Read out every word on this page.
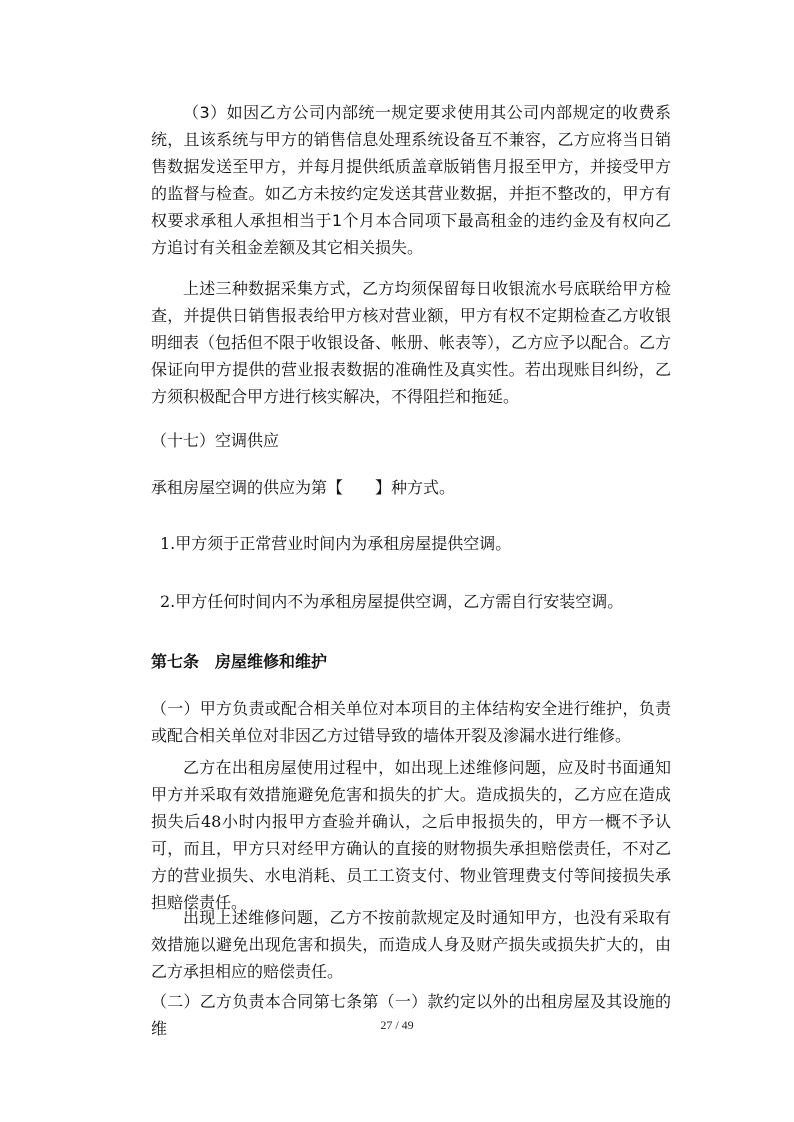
（3）如因乙方公司内部统一规定要求使用其公司内部规定的收费系统，且该系统与甲方的销售信息处理系统设备互不兼容，乙方应将当日销售数据发送至甲方，并每月提供纸质盖章版销售月报至甲方，并接受甲方的监督与检查。如乙方未按约定发送其营业数据，并拒不整改的，甲方有权要求承租人承担相当于1个月本合同项下最高租金的违约金及有权向乙方追讨有关租金差额及其它相关损失。

上述三种数据采集方式，乙方均须保留每日收银流水号底联给甲方检查，并提供日销售报表给甲方核对营业额，甲方有权不定期检查乙方收银明细表（包括但不限于收银设备、帐册、帐表等），乙方应予以配合。乙方保证向甲方提供的营业报表数据的准确性及真实性。若出现账目纠纷，乙方须积极配合甲方进行核实解决，不得阻拦和拖延。

（十七）空调供应

承租房屋空调的供应为第【　　】种方式。

1.甲方须于正常营业时间内为承租房屋提供空调。

2.甲方任何时间内不为承租房屋提供空调，乙方需自行安装空调。

第七条　房屋维修和维护

（一）甲方负责或配合相关单位对本项目的主体结构安全进行维护，负责或配合相关单位对非因乙方过错导致的墙体开裂及渗漏水进行维修。

乙方在出租房屋使用过程中，如出现上述维修问题，应及时书面通知甲方并采取有效措施避免危害和损失的扩大。造成损失的，乙方应在造成损失后48小时内报甲方查验并确认，之后申报损失的，甲方一概不予认可，而且，甲方只对经甲方确认的直接的财物损失承担赔偿责任，不对乙方的营业损失、水电消耗、员工工资支付、物业管理费支付等间接损失承担赔偿责任。

出现上述维修问题，乙方不按前款规定及时通知甲方，也没有采取有效措施以避免出现危害和损失，而造成人身及财产损失或损失扩大的，由乙方承担相应的赔偿责任。

（二）乙方负责本合同第七条第（一）款约定以外的出租房屋及其设施的维	27 / 49
